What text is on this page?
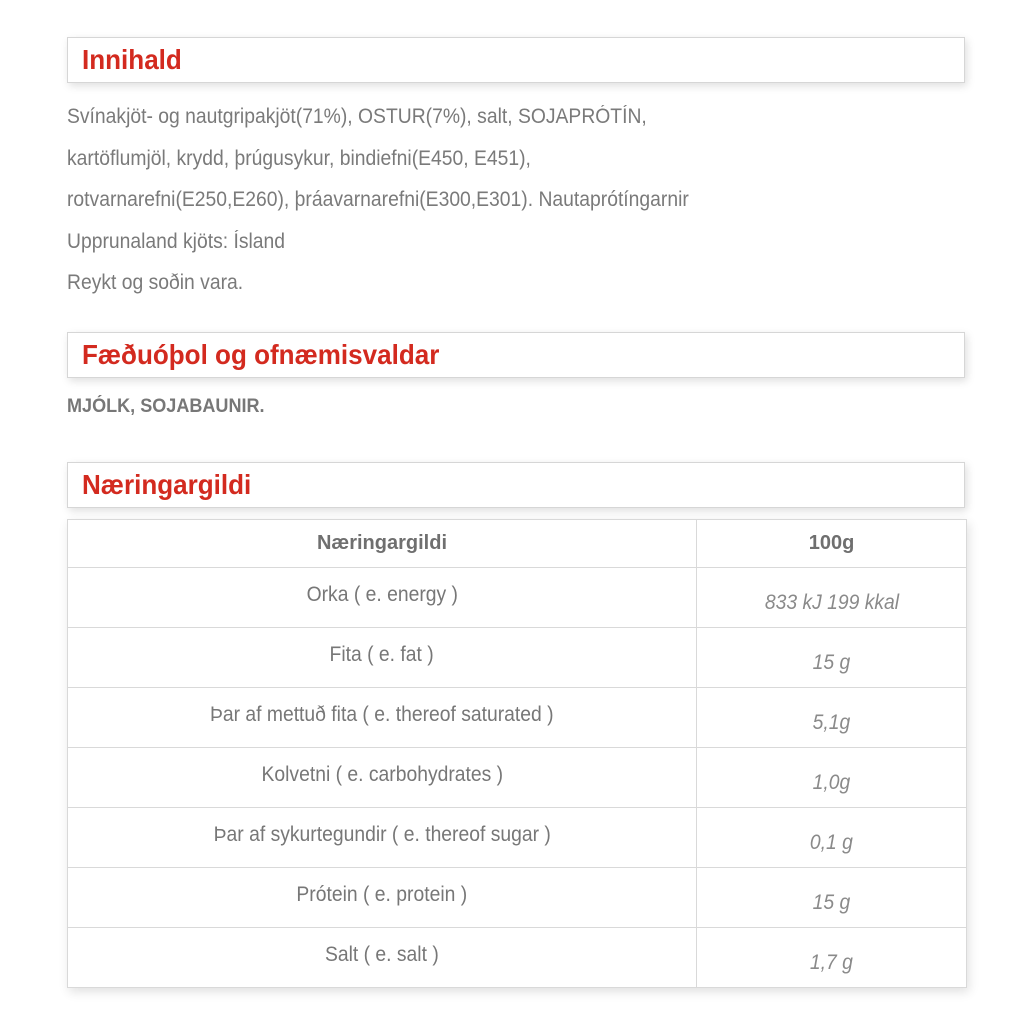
Innihald
Svínakjöt- og nautgripakjöt(71%), OSTUR(7%), salt, SOJAPRÓTÍN,
kartöflumjöl, krydd, þrúgusykur, bindiefni(E450, E451),
rotvarnarefni(E250,E260), þráavarnarefni(E300,E301). Nautaprótíngarnir
Upprunaland kjöts: Ísland
Reykt og soðin vara.
Fæðuóþol og ofnæmisvaldar
MJÓLK, SOJABAUNIR.
Næringargildi
Næringargildi	100g
Orka ( e. energy )	833 kJ 199 kkal
Fita ( e. fat )	15 g
Þar af mettuð fita ( e. thereof saturated )	5,1g
Kolvetni ( e. carbohydrates )	1,0g
Þar af sykurtegundir ( e. thereof sugar )	0,1 g
Prótein ( e. protein )	15 g
Salt ( e. salt )	1,7 g
